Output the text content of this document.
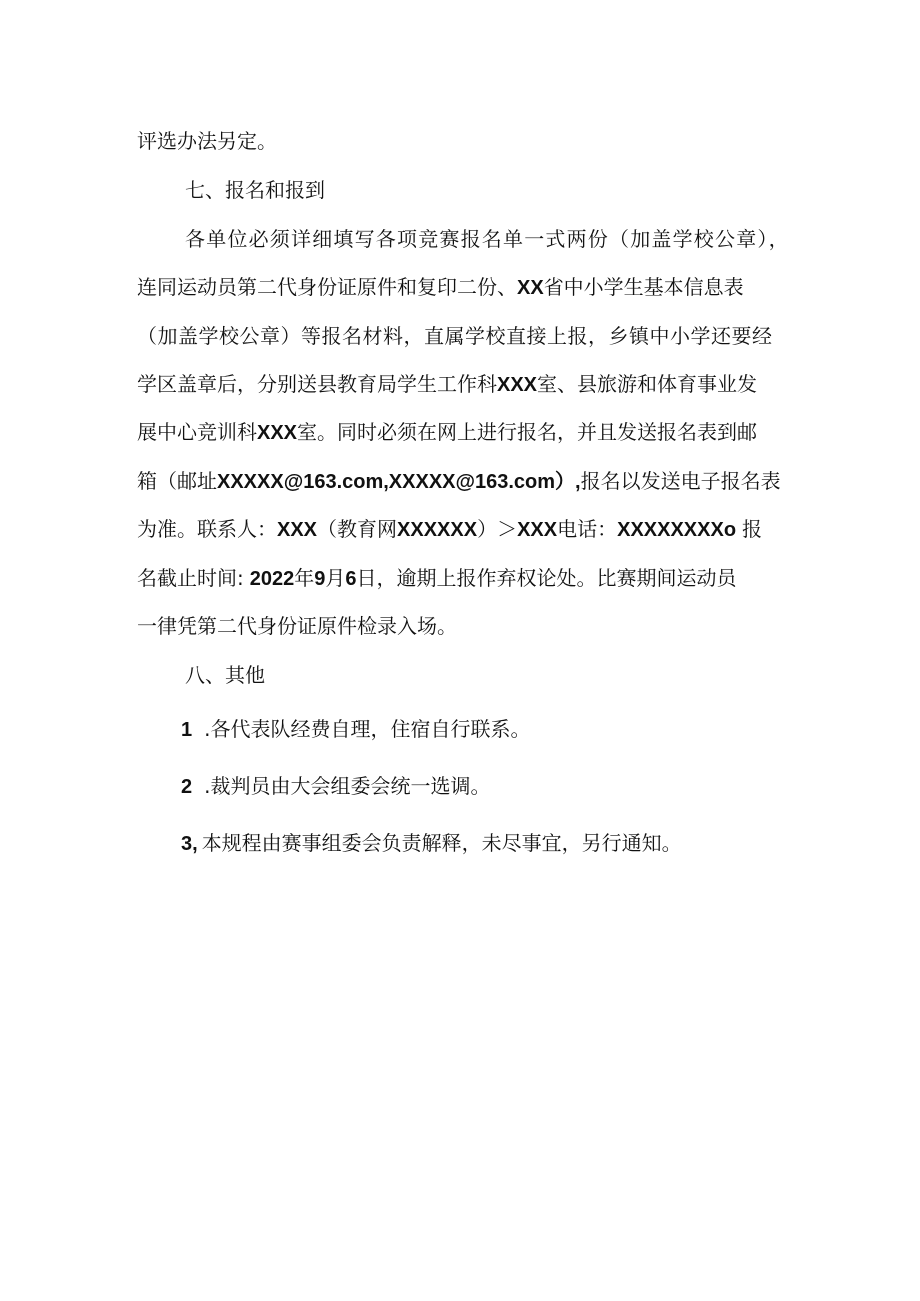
评选办法另定。
七、报名和报到
各单位必须详细填写各项竞赛报名单一式两份（加盖学校公章），
连同运动员第二代身份证原件和复印二份、XX省中小学生基本信息表
（加盖学校公章）等报名材料，直属学校直接上报，乡镇中小学还要经
学区盖章后，分别送县教育局学生工作科XXX室、县旅游和体育事业发
展中心竞训科XXX室。同时必须在网上进行报名，并且发送报名表到邮
箱（邮址XXXXX@163.com,XXXXX@163.com）,报名以发送电子报名表
为准。联系人：XXX（教育网XXXXXX）＞XXX电话：XXXXXXXXo 报
名截止时间: 2022年9月6日，逾期上报作弃权论处。比赛期间运动员
一律凭第二代身份证原件检录入场。
八、其他
1 .各代表队经费自理，住宿自行联系。
2 .裁判员由大会组委会统一选调。
3, 本规程由赛事组委会负责解释，未尽事宜，另行通知。
